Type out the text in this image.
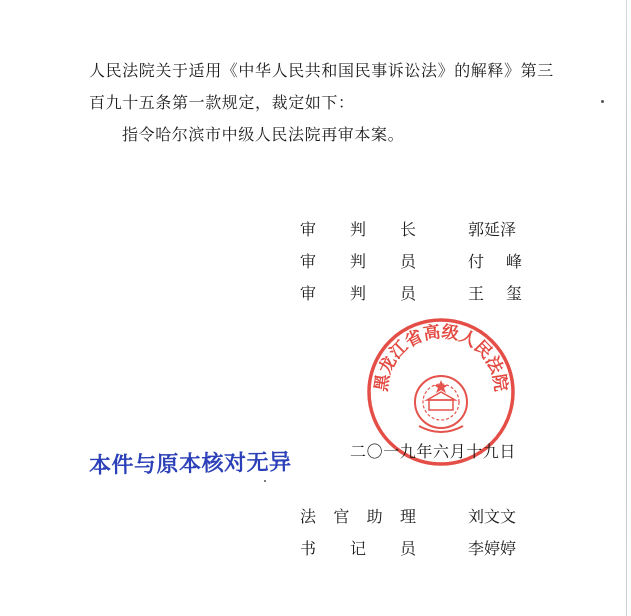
人民法院关于适用《中华人民共和国民事诉讼法》的解释》第三
百九十五条第一款规定，裁定如下：
指令哈尔滨市中级人民法院再审本案。
审 判 长	郭延泽
审 判 员	付 峰
审 判 员	王 玺
黑龙江省高级人民法院
二〇一九年六月十九日
本件与原本核对无异
法 官 助 理	刘文文
书 记 员	李婷婷
